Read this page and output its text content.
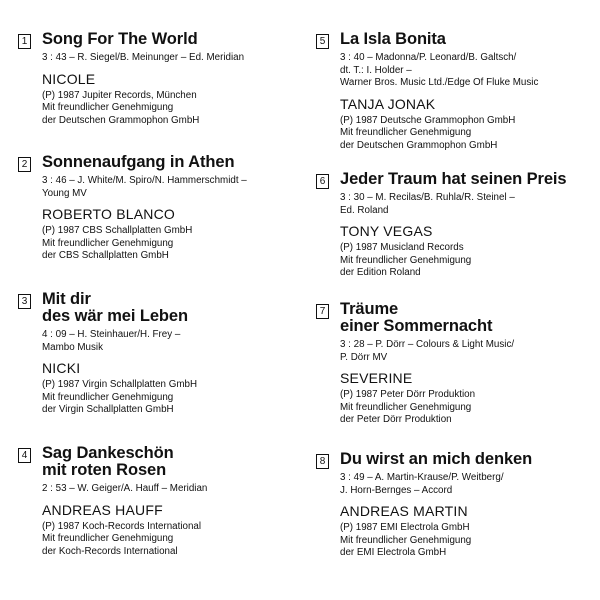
1 Song For The World
3 : 43 – R. Siegel/B. Meinunger – Ed. Meridian
NICOLE
(P) 1987 Jupiter Records, München
Mit freundlicher Genehmigung
der Deutschen Grammophon GmbH
2 Sonnenaufgang in Athen
3 : 46 – J. White/M. Spiro/N. Hammerschmidt –
Young MV
ROBERTO BLANCO
(P) 1987 CBS Schallplatten GmbH
Mit freundlicher Genehmigung
der CBS Schallplatten GmbH
3 Mit dir
des wär mei Leben
4 : 09 – H. Steinhauer/H. Frey –
Mambo Musik
NICKI
(P) 1987 Virgin Schallplatten GmbH
Mit freundlicher Genehmigung
der Virgin Schallplatten GmbH
4 Sag Dankeschön
mit roten Rosen
2 : 53 – W. Geiger/A. Hauff – Meridian
ANDREAS HAUFF
(P) 1987 Koch-Records International
Mit freundlicher Genehmigung
der Koch-Records International
5 La Isla Bonita
3 : 40 – Madonna/P. Leonard/B. Galtsch/
dt. T.: I. Holder –
Warner Bros. Music Ltd./Edge Of Fluke Music
TANJA JONAK
(P) 1987 Deutsche Grammophon GmbH
Mit freundlicher Genehmigung
der Deutschen Grammophon GmbH
6 Jeder Traum hat seinen Preis
3 : 30 – M. Recilas/B. Ruhla/R. Steinel –
Ed. Roland
TONY VEGAS
(P) 1987 Musicland Records
Mit freundlicher Genehmigung
der Edition Roland
7 Träume
einer Sommernacht
3 : 28 – P. Dörr – Colours & Light Music/
P. Dörr MV
SEVERINE
(P) 1987 Peter Dörr Produktion
Mit freundlicher Genehmigung
der Peter Dörr Produktion
8 Du wirst an mich denken
3 : 49 – A. Martin-Krause/P. Weitberg/
J. Horn-Bernges – Accord
ANDREAS MARTIN
(P) 1987 EMI Electrola GmbH
Mit freundlicher Genehmigung
der EMI Electrola GmbH
